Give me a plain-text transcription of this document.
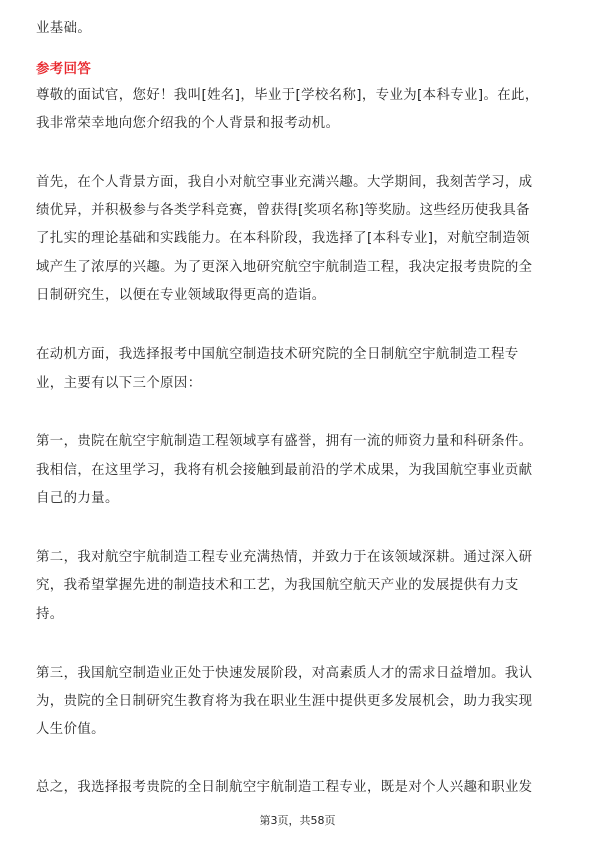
业基础。
参考回答
尊敬的面试官，您好！我叫[姓名]，毕业于[学校名称]，专业为[本科专业]。在此，
我非常荣幸地向您介绍我的个人背景和报考动机。
首先，在个人背景方面，我自小对航空事业充满兴趣。大学期间，我刻苦学习，成
绩优异，并积极参与各类学科竞赛，曾获得[奖项名称]等奖励。这些经历使我具备
了扎实的理论基础和实践能力。在本科阶段，我选择了[本科专业]，对航空制造领
域产生了浓厚的兴趣。为了更深入地研究航空宇航制造工程，我决定报考贵院的全
日制研究生，以便在专业领域取得更高的造诣。
在动机方面，我选择报考中国航空制造技术研究院的全日制航空宇航制造工程专
业，主要有以下三个原因：
第一，贵院在航空宇航制造工程领域享有盛誉，拥有一流的师资力量和科研条件。
我相信，在这里学习，我将有机会接触到最前沿的学术成果，为我国航空事业贡献
自己的力量。
第二，我对航空宇航制造工程专业充满热情，并致力于在该领域深耕。通过深入研
究，我希望掌握先进的制造技术和工艺，为我国航空航天产业的发展提供有力支
持。
第三，我国航空制造业正处于快速发展阶段，对高素质人才的需求日益增加。我认
为，贵院的全日制研究生教育将为我在职业生涯中提供更多发展机会，助力我实现
人生价值。
总之，我选择报考贵院的全日制航空宇航制造工程专业，既是对个人兴趣和职业发
第3页，共58页
